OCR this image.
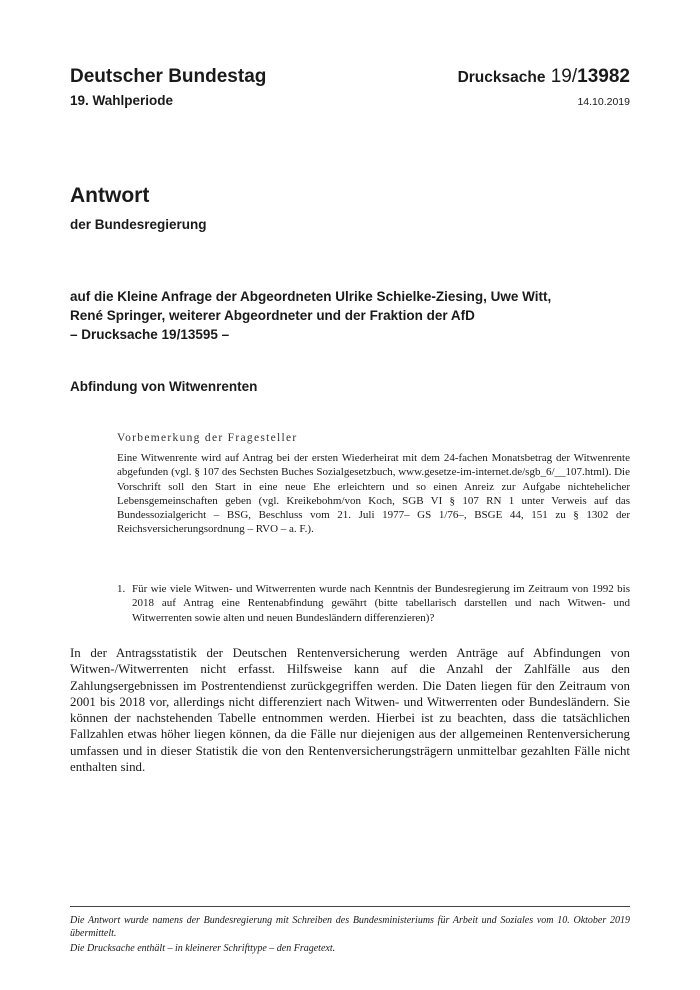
Deutscher Bundestag
19. Wahlperiode
Drucksache 19/13982
14.10.2019
Antwort
der Bundesregierung
auf die Kleine Anfrage der Abgeordneten Ulrike Schielke-Ziesing, Uwe Witt,
René Springer, weiterer Abgeordneter und der Fraktion der AfD
– Drucksache 19/13595 –
Abfindung von Witwenrenten
Vorbemerkung der Fragesteller
Eine Witwenrente wird auf Antrag bei der ersten Wiederheirat mit dem 24-fachen Monatsbetrag der Witwenrente abgefunden (vgl. § 107 des Sechsten Buches Sozialgesetzbuch, www.gesetze-im-internet.de/sgb_6/__107.html). Die Vorschrift soll den Start in eine neue Ehe erleichtern und so einen Anreiz zur Aufgabe nichtehelicher Lebensgemeinschaften geben (vgl. Kreikebohm/von Koch, SGB VI § 107 RN 1 unter Verweis auf das Bundessozialgericht – BSG, Beschluss vom 21. Juli 1977– GS 1/76–, BSGE 44, 151 zu § 1302 der Reichsversicherungsordnung – RVO – a. F.).
1. Für wie viele Witwen- und Witwerrenten wurde nach Kenntnis der Bundesregierung im Zeitraum von 1992 bis 2018 auf Antrag eine Rentenabfindung gewährt (bitte tabellarisch darstellen und nach Witwen- und Witwerrenten sowie alten und neuen Bundesländern differenzieren)?
In der Antragsstatistik der Deutschen Rentenversicherung werden Anträge auf Abfindungen von Witwen-/Witwerrenten nicht erfasst. Hilfsweise kann auf die Anzahl der Zahlfälle aus den Zahlungsergebnissen im Postrentendienst zurückgegriffen werden. Die Daten liegen für den Zeitraum von 2001 bis 2018 vor, allerdings nicht differenziert nach Witwen- und Witwerrenten oder Bundesländern. Sie können der nachstehenden Tabelle entnommen werden. Hierbei ist zu beachten, dass die tatsächlichen Fallzahlen etwas höher liegen können, da die Fälle nur diejenigen aus der allgemeinen Rentenversicherung umfassen und in dieser Statistik die von den Rentenversicherungsträgern unmittelbar gezahlten Fälle nicht enthalten sind.
Die Antwort wurde namens der Bundesregierung mit Schreiben des Bundesministeriums für Arbeit und Soziales vom 10. Oktober 2019 übermittelt.
Die Drucksache enthält – in kleinerer Schrifttype – den Fragetext.
